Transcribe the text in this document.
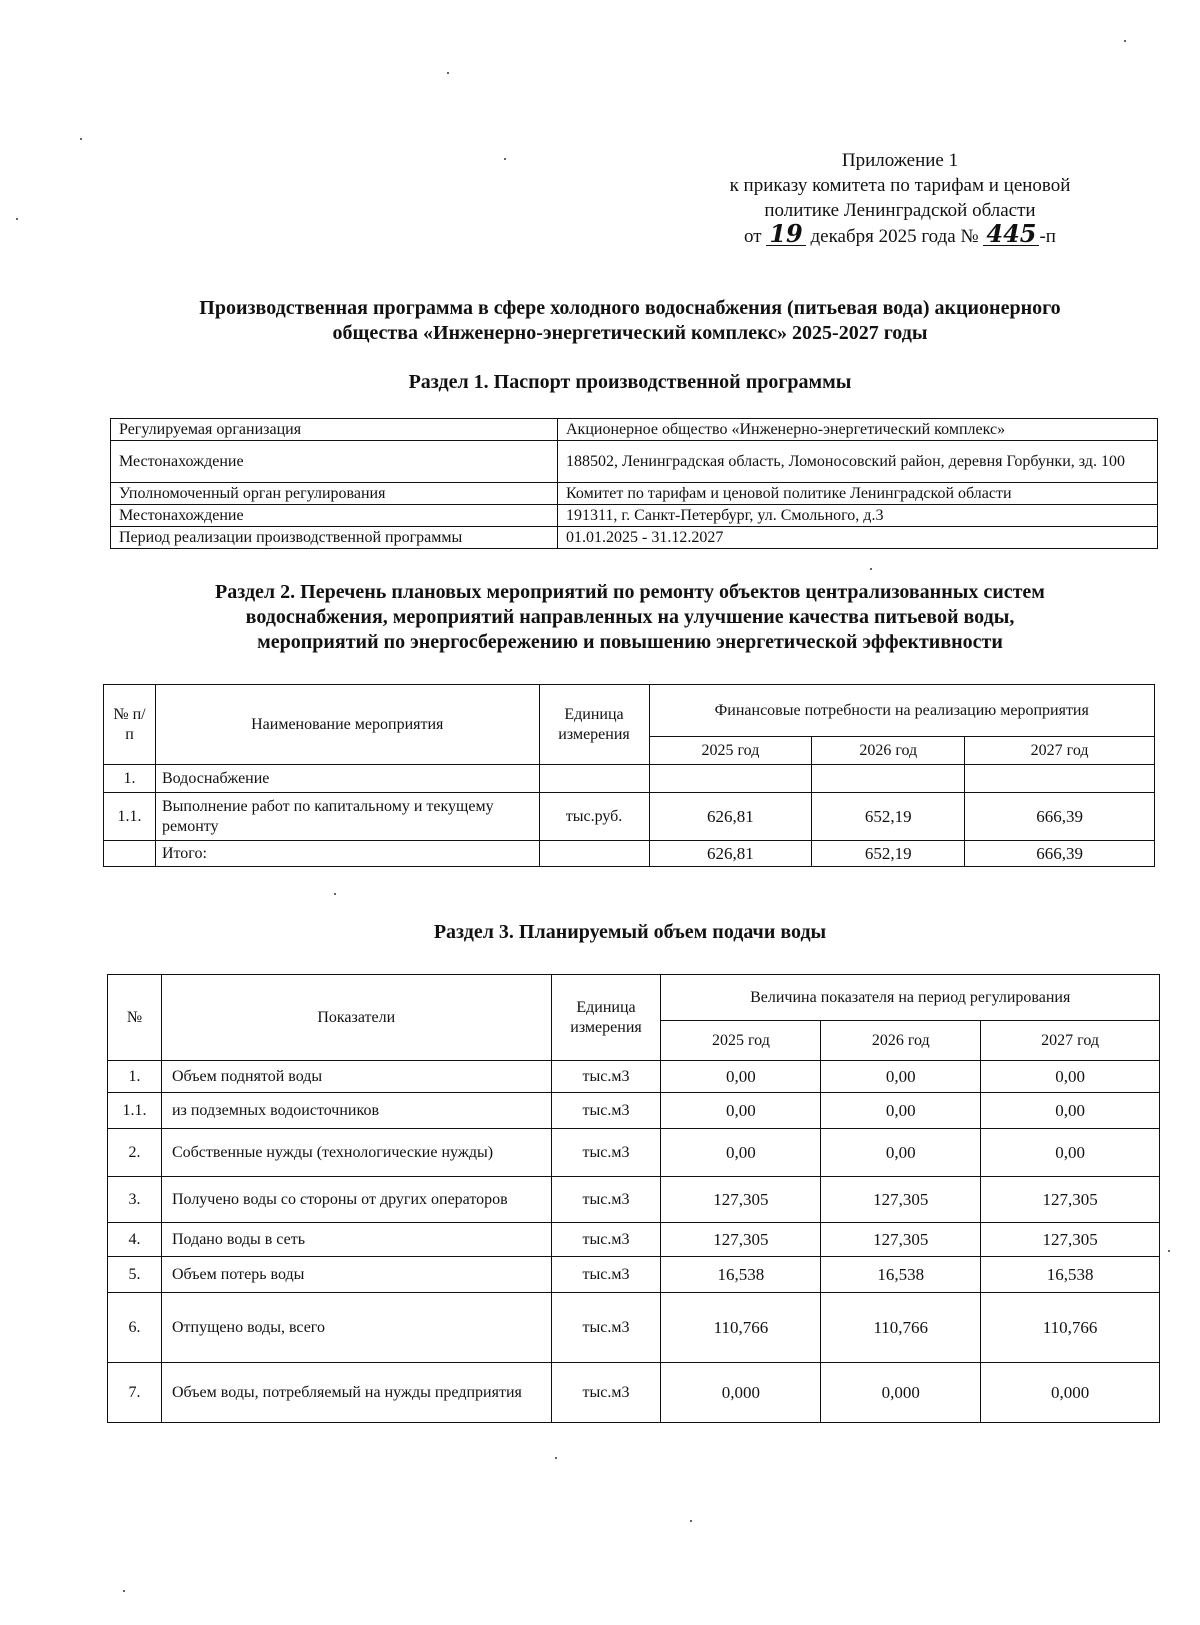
Приложение 1
к приказу комитета по тарифам и ценовой
политике Ленинградской области
от 19 декабря 2025 года № 445 -п
Производственная программа в сфере холодного водоснабжения (питьевая вода) акционерного
общества «Инженерно-энергетический комплекс» 2025-2027 годы
Раздел 1. Паспорт производственной программы
Регулируемая организация	Акционерное общество «Инженерно-энергетический комплекс»
Местонахождение	188502, Ленинградская область, Ломоносовский район, деревня Горбунки, зд. 100
Уполномоченный орган регулирования	Комитет по тарифам и ценовой политике Ленинградской области
Местонахождение	191311, г. Санкт-Петербург, ул. Смольного, д.3
Период реализации производственной программы	01.01.2025 - 31.12.2027
Раздел 2. Перечень плановых мероприятий по ремонту объектов централизованных систем
водоснабжения, мероприятий направленных на улучшение качества питьевой воды,
мероприятий по энергосбережению и повышению энергетической эффективности
№ п/п	Наименование мероприятия	Единица измерения	Финансовые потребности на реализацию мероприятия		
			2025 год	2026 год	2027 год
1.	Водоснабжение				
1.1.	Выполнение работ по капитальному и текущему ремонту	тыс.руб.	626,81	652,19	666,39
	Итого:		626,81	652,19	666,39
Раздел 3. Планируемый объем подачи воды
№	Показатели	Единица измерения	Величина показателя на период регулирования		
			2025 год	2026 год	2027 год
1.	Объем поднятой воды	тыс.м3	0,00	0,00	0,00
1.1.	из подземных водоисточников	тыс.м3	0,00	0,00	0,00
2.	Собственные нужды (технологические нужды)	тыс.м3	0,00	0,00	0,00
3.	Получено воды со стороны от других операторов	тыс.м3	127,305	127,305	127,305
4.	Подано воды в сеть	тыс.м3	127,305	127,305	127,305
5.	Объем потерь воды	тыс.м3	16,538	16,538	16,538
6.	Отпущено воды, всего	тыс.м3	110,766	110,766	110,766
7.	Объем воды, потребляемый на нужды предприятия	тыс.м3	0,000	0,000	0,000
